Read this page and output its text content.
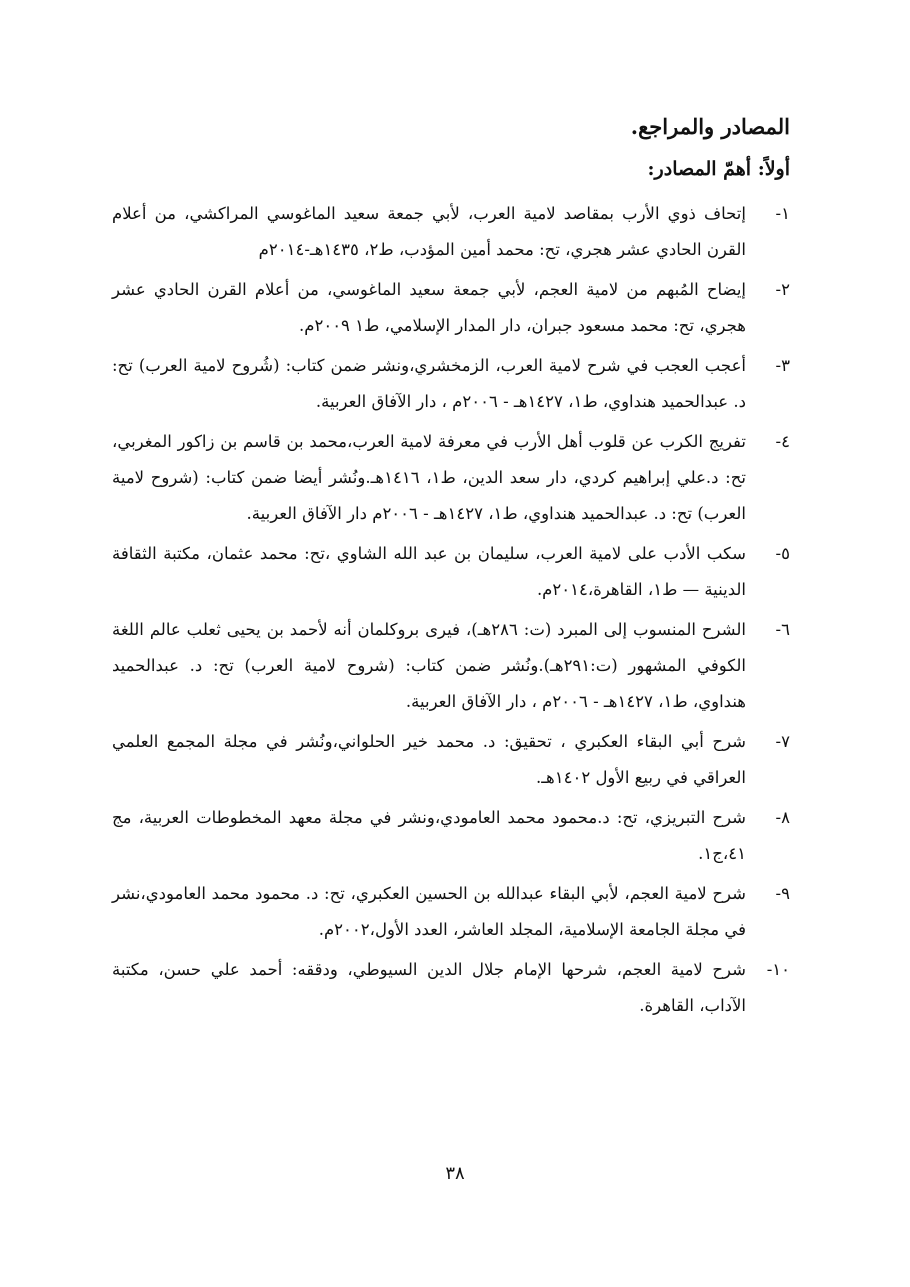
المصادر والمراجع.
أولاً: أهمّ المصادر:
١-
إتحاف ذوي الأرب بمقاصد لامية العرب، لأبي جمعة سعيد الماغوسي المراكشي، من أعلام القرن الحادي عشر هجري، تح: محمد أمين المؤدب، ط٢، ١٤٣٥هـ-٢٠١٤م
٢-
إيضاح المُبهم من لامية العجم، لأبي جمعة سعيد الماغوسي، من أعلام القرن الحادي عشر هجري، تح: محمد مسعود جبران، دار المدار الإسلامي، ط١ ٢٠٠٩م.
٣-
أعجب العجب في شرح لامية العرب، الزمخشري،ونشر ضمن كتاب: (شُروح لامية العرب) تح: د. عبدالحميد هنداوي، ط١، ١٤٢٧هـ - ٢٠٠٦م ، دار الآفاق العربية.
٤-
تفريج الكرب عن قلوب أهل الأرب في معرفة لامية العرب،محمد بن قاسم بن زاكور المغربي، تح: د.علي إبراهيم كردي، دار سعد الدين، ط١، ١٤١٦هـ.ونُشر أيضا ضمن كتاب: (شروح لامية العرب) تح: د. عبدالحميد هنداوي، ط١، ١٤٢٧هـ - ٢٠٠٦م دار الآفاق العربية.
٥-
سكب الأدب على لامية العرب، سليمان بن عبد الله الشاوي ،تح: محمد عثمان، مكتبة الثقافة الدينية — ط١، القاهرة،٢٠١٤م.
٦-
الشرح المنسوب إلى المبرد (ت: ٢٨٦هـ)، فيرى بروكلمان أنه لأحمد بن يحيى ثعلب عالم اللغة الكوفي المشهور (ت:٢٩١هـ).ونُشر ضمن كتاب: (شروح لامية العرب) تح: د. عبدالحميد هنداوي، ط١، ١٤٢٧هـ - ٢٠٠٦م ، دار الآفاق العربية.
٧-
شرح أبي البقاء العكبري ، تحقيق: د. محمد خير الحلواني،ونُشر في مجلة المجمع العلمي العراقي في ربيع الأول ١٤٠٢هـ.
٨-
شرح التبريزي، تح: د.محمود محمد العامودي،ونشر في مجلة معهد المخطوطات العربية، مج ٤١،ج١.
٩-
شرح لامية العجم، لأبي البقاء عبدالله بن الحسين العكبري، تح: د. محمود محمد العامودي،نشر في مجلة الجامعة الإسلامية، المجلد العاشر، العدد الأول،٢٠٠٢م.
١٠-
شرح لامية العجم، شرحها الإمام جلال الدين السيوطي، ودققه: أحمد علي حسن، مكتبة الآداب، القاهرة.
٣٨
